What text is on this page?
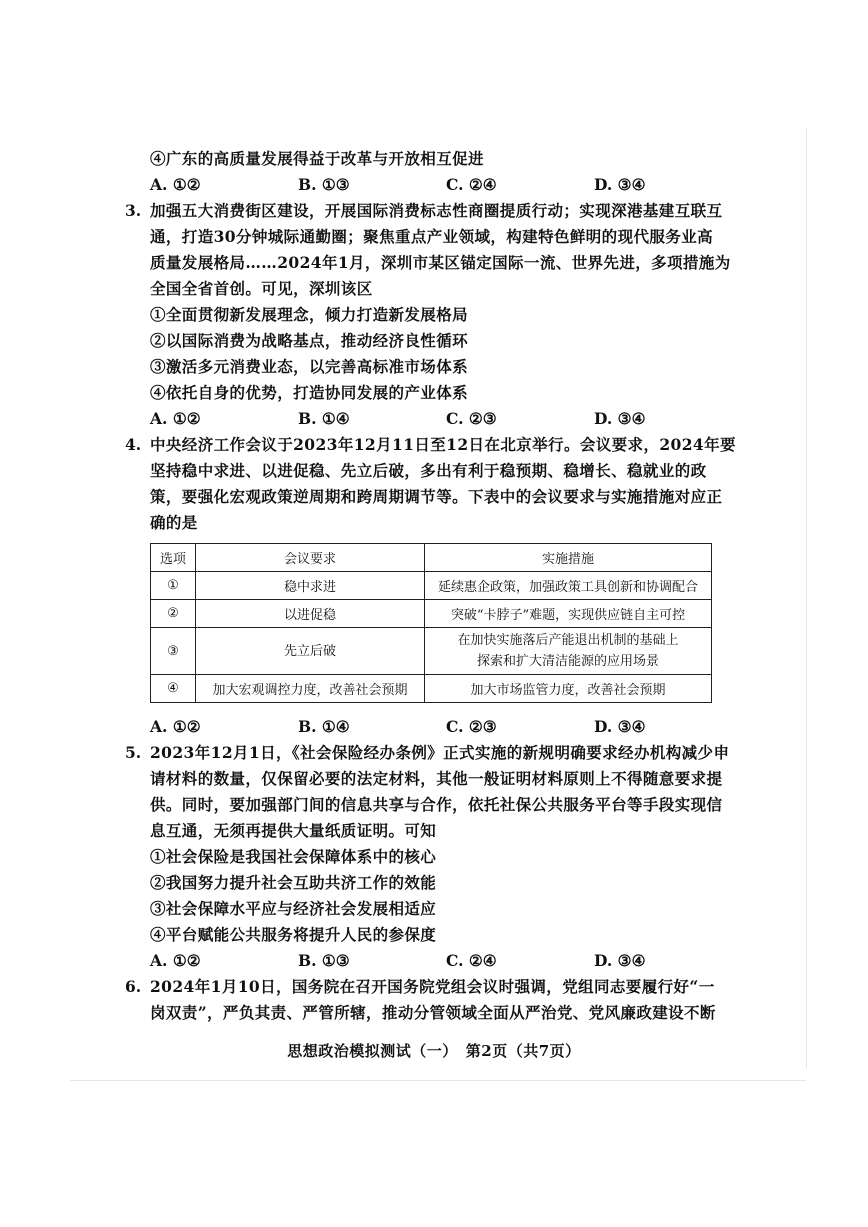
④广东的高质量发展得益于改革与开放相互促进
A. ①②	B. ①③	C. ②④	D. ③④
3. 加强五大消费街区建设，开展国际消费标志性商圈提质行动；实现深港基建互联互
通，打造30分钟城际通勤圈；聚焦重点产业领域，构建特色鲜明的现代服务业高
质量发展格局……2024年1月，深圳市某区锚定国际一流、世界先进，多项措施为
全国全省首创。可见，深圳该区
①全面贯彻新发展理念，倾力打造新发展格局
②以国际消费为战略基点，推动经济良性循环
③激活多元消费业态，以完善高标准市场体系
④依托自身的优势，打造协同发展的产业体系
A. ①②	B. ①④	C. ②③	D. ③④
4. 中央经济工作会议于2023年12月11日至12日在北京举行。会议要求，2024年要
坚持稳中求进、以进促稳、先立后破，多出有利于稳预期、稳增长、稳就业的政
策，要强化宏观政策逆周期和跨周期调节等。下表中的会议要求与实施措施对应正
确的是
选项	会议要求	实施措施
①	稳中求进	延续惠企政策，加强政策工具创新和协调配合
②	以进促稳	突破“卡脖子”难题，实现供应链自主可控
③	先立后破	在加快实施落后产能退出机制的基础上
探索和扩大清洁能源的应用场景

④	加大宏观调控力度，改善社会预期	加大市场监管力度，改善社会预期
A. ①②	B. ①④	C. ②③	D. ③④
5. 2023年12月1日，《社会保险经办条例》正式实施的新规明确要求经办机构减少申
请材料的数量，仅保留必要的法定材料，其他一般证明材料原则上不得随意要求提
供。同时，要加强部门间的信息共享与合作，依托社保公共服务平台等手段实现信
息互通，无须再提供大量纸质证明。可知
①社会保险是我国社会保障体系中的核心
②我国努力提升社会互助共济工作的效能
③社会保障水平应与经济社会发展相适应
④平台赋能公共服务将提升人民的参保度
A. ①②	B. ①③	C. ②④	D. ③④
6. 2024年1月10日，国务院在召开国务院党组会议时强调，党组同志要履行好“一
岗双责”，严负其责、严管所辖，推动分管领域全面从严治党、党风廉政建设不断
思想政治模拟测试（一）　第2页（共7页）
